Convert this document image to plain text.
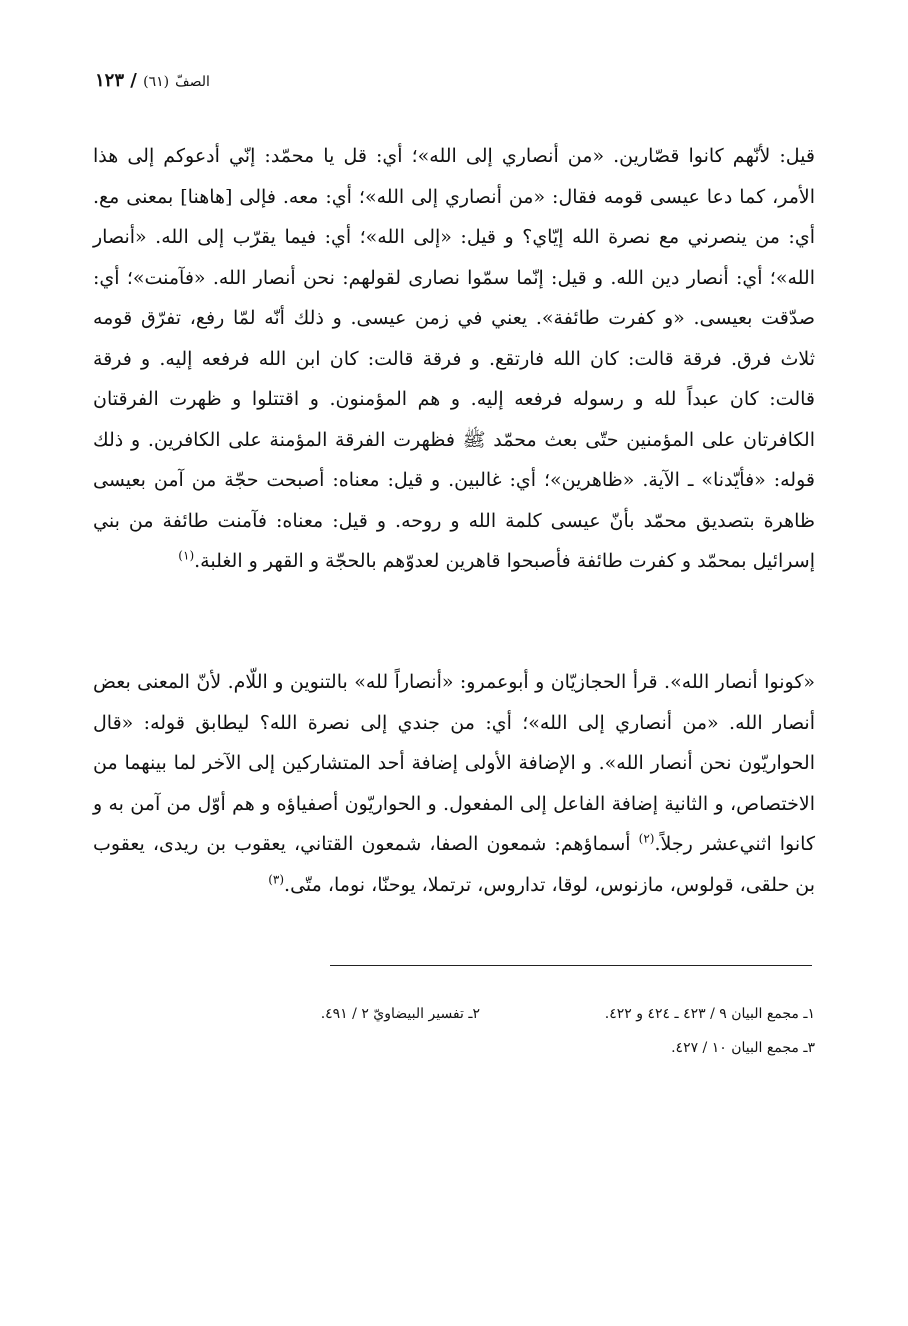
الصفّ(٦١) / ١٢٣
قيل: لأنّهم كانوا قصّارين. «من أنصاري إلى الله»؛ أي: قل يا محمّد: إنّي أدعوكم إلى هذا الأمر، كما دعا عيسى قومه فقال: «من أنصاري إلى الله»؛ أي: معه. فإلى [هاهنا] بمعنى مع. أي: من ينصرني مع نصرة الله إيّاي؟ و قيل: «إلى الله»؛ أي: فيما يقرّب إلى الله. «أنصار الله»؛ أي: أنصار دين الله. و قيل: إنّما سمّوا نصارى لقولهم: نحن أنصار الله. «فآمنت»؛ أي: صدّقت بعيسى. «و كفرت طائفة». يعني في زمن عيسى. و ذلك أنّه لمّا رفع، تفرّق قومه ثلاث فرق. فرقة قالت: كان الله فارتقع. و فرقة قالت: كان ابن الله فرفعه إليه. و فرقة قالت: كان عبداً لله و رسوله فرفعه إليه. و هم المؤمنون. و اقتتلوا و ظهرت الفرقتان الكافرتان على المؤمنين حتّى بعث محمّد ﷺ فظهرت الفرقة المؤمنة على الكافرين. و ذلك قوله: «فأيّدنا» ـ الآية. «ظاهرين»؛ أي: غالبين. و قيل: معناه: أصبحت حجّة من آمن بعيسى ظاهرة بتصديق محمّد بأنّ عيسى كلمة الله و روحه. و قيل: معناه: فآمنت طائفة من بني إسرائيل بمحمّد و كفرت طائفة فأصبحوا قاهرين لعدوّهم بالحجّة و القهر و الغلبة.$^{(١)}$
«كونوا أنصار الله». قرأ الحجازيّان و أبوعمرو: «أنصاراً لله» بالتنوين و اللّام. لأنّ المعنى بعض أنصار الله. «من أنصاري إلى الله»؛ أي: من جندي إلى نصرة الله؟ ليطابق قوله: «قال الحواريّون نحن أنصار الله». و الإضافة الأولى إضافة أحد المتشاركين إلى الآخر لما بينهما من الاختصاص، و الثانية إضافة الفاعل إلى المفعول. و الحواريّون أصفياؤه و هم أوّل من آمن به و كانوا اثني‌عشر رجلاً.$^{(٢)}$ أسماؤهم: شمعون الصفا، شمعون القتاني، يعقوب بن ريدى، يعقوب بن حلقى، قولوس، مازنوس، لوقا، تداروس، ترتملا، يوحنّا، نوما، متّى.$^{(٣)}$
١ـ مجمع البيان ٩ / ٤٢٣ ـ ٤٢٤ و ٤٢٢.
٢ـ تفسير البيضاويّ ٢ / ٤٩١.
٣ـ مجمع البيان ١٠ / ٤٢٧.
